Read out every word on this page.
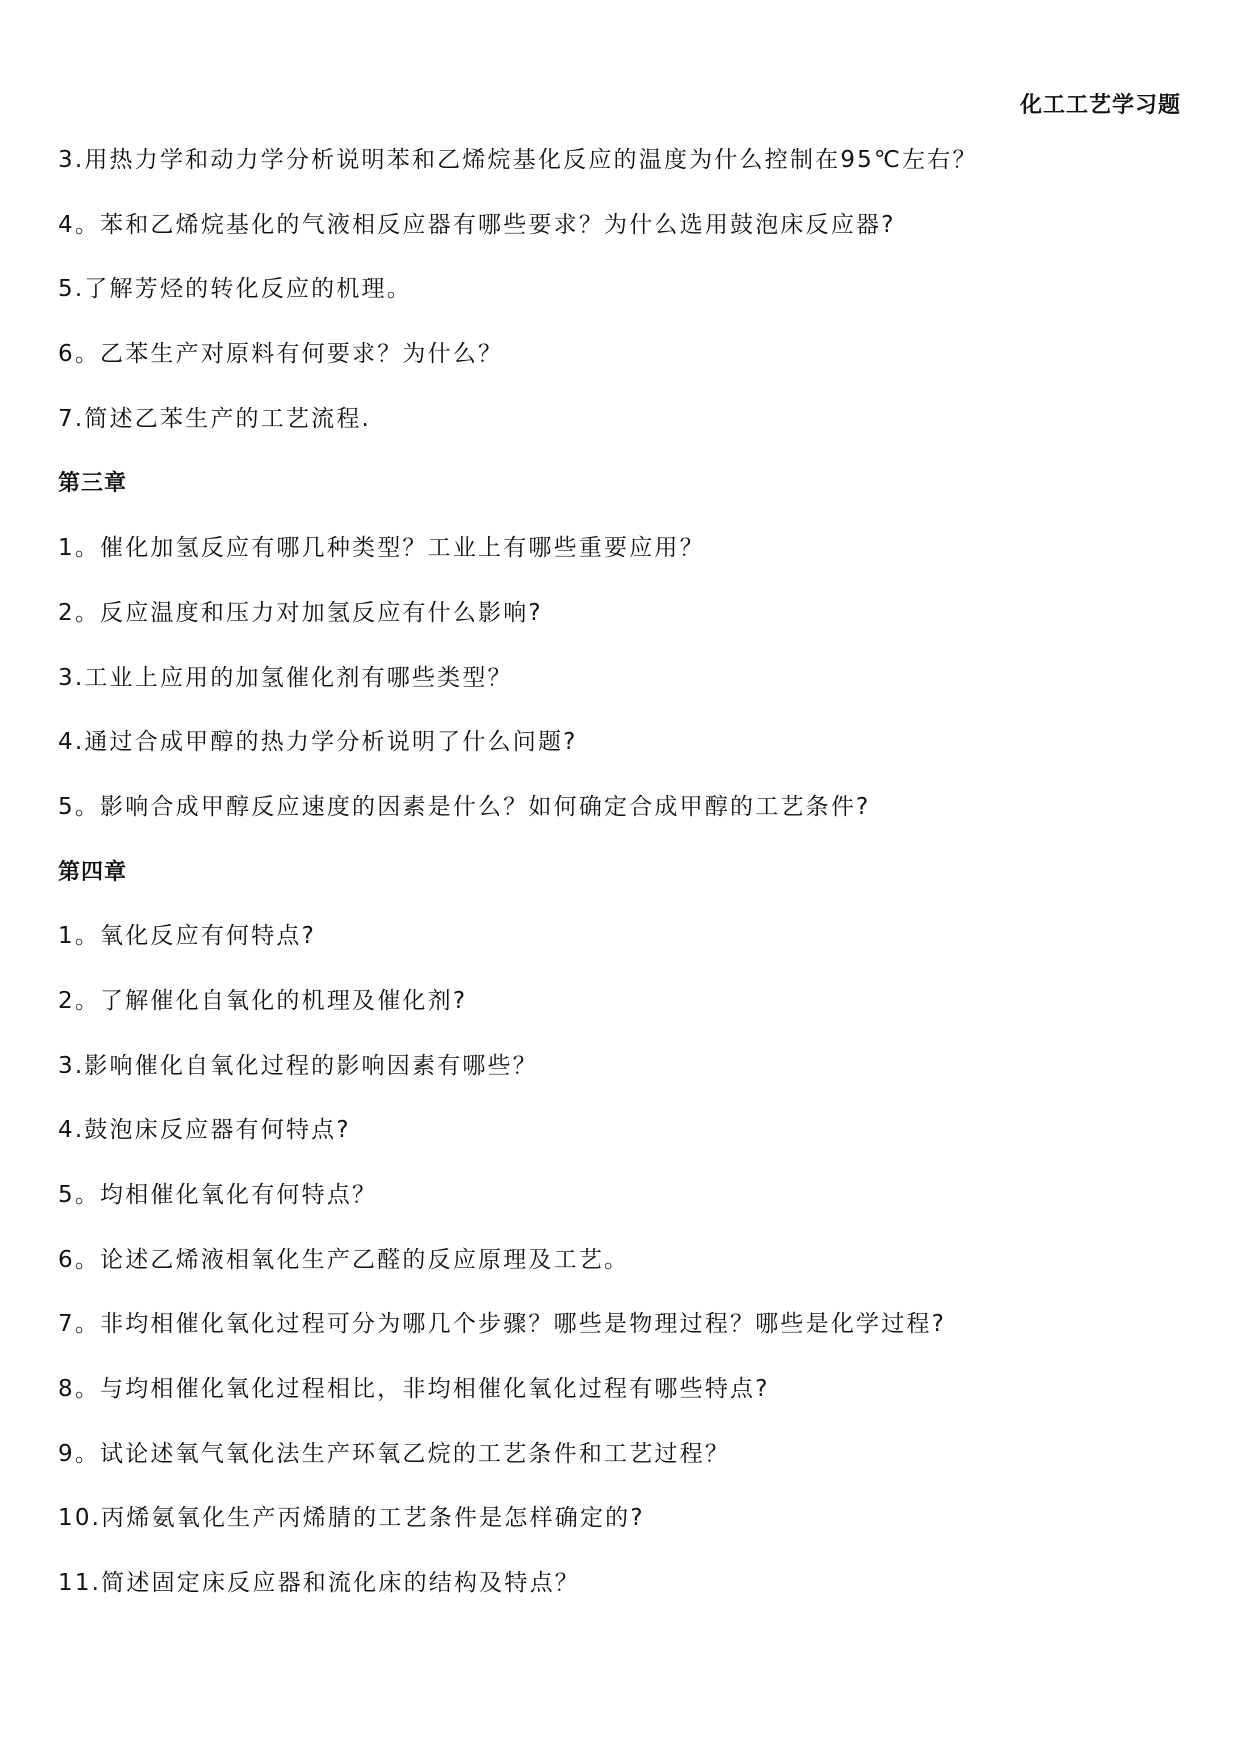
化工工艺学习题

3.用热力学和动力学分析说明苯和乙烯烷基化反应的温度为什么控制在95℃左右？

4。苯和乙烯烷基化的气液相反应器有哪些要求？为什么选用鼓泡床反应器?

5.了解芳烃的转化反应的机理。

6。乙苯生产对原料有何要求？为什么？

7.简述乙苯生产的工艺流程.

第三章

1。催化加氢反应有哪几种类型？工业上有哪些重要应用？

2。反应温度和压力对加氢反应有什么影响?

3.工业上应用的加氢催化剂有哪些类型？

4.通过合成甲醇的热力学分析说明了什么问题?

5。影响合成甲醇反应速度的因素是什么？如何确定合成甲醇的工艺条件?

第四章

1。氧化反应有何特点?

2。了解催化自氧化的机理及催化剂?

3.影响催化自氧化过程的影响因素有哪些？

4.鼓泡床反应器有何特点?

5。均相催化氧化有何特点？

6。论述乙烯液相氧化生产乙醛的反应原理及工艺。

7。非均相催化氧化过程可分为哪几个步骤？哪些是物理过程？哪些是化学过程?

8。与均相催化氧化过程相比，非均相催化氧化过程有哪些特点?

9。试论述氧气氧化法生产环氧乙烷的工艺条件和工艺过程？

10.丙烯氨氧化生产丙烯腈的工艺条件是怎样确定的?

11.简述固定床反应器和流化床的结构及特点？
